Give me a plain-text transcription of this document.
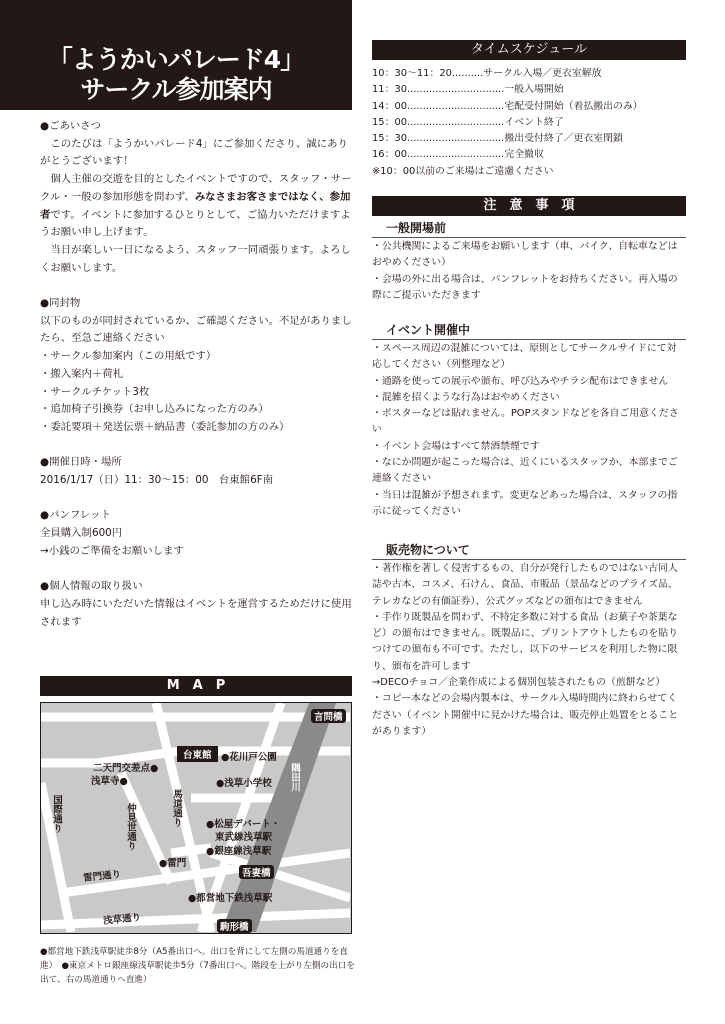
「ようかいパレード4」
サークル参加案内

●ごあいさつ

このたびは「ようかいパレード4」にご参加くださり、誠にありがとうございます！

個人主催の交遊を目的としたイベントですので、スタッフ・サークル・一般の参加形態を問わず、みなさまお客さまではなく、参加者です。イベントに参加するひとりとして、ご協力いただけますようお願い申し上げます。

当日が楽しい一日になるよう、スタッフ一同頑張ります。よろしくお願いします。

●同封物

以下のものが同封されているか、ご確認ください。不足がありましたら、至急ご連絡ください

・サークル参加案内（この用紙です）

・搬入案内＋荷札

・サークルチケット3枚

・追加椅子引換券（お申し込みになった方のみ）

・委託要項＋発送伝票＋納品書（委託参加の方のみ）

●開催日時・場所

2016/1/17（日）11：30〜15：00　台東館6F南

●パンフレット

全員購入制600円

→小銭のご準備をお願いします

●個人情報の取り扱い

申し込み時にいただいた情報はイベントを運営するためだけに使用されます

M　A　P
言問橋
台東館 ●花川戸公園
二天門交差点●
浅草寺●	●浅草小学校 隅田川
国際通り	仲見世通り	馬道通り	●松屋デパート・
東武線浅草駅
●銀座線浅草駅
●雷門
雷門通り	吾妻橋
●都営地下鉄浅草駅
浅草通り
駒形橋
●都営地下鉄浅草駅徒歩8分（A5番出口へ。出口を背にして左側の馬道通りを直進）　●東京メトロ銀座線浅草駅徒歩5分（7番出口へ。階段を上がり左側の出口を出て、右の馬道通りへ直進）
タイムスケジュール
10：30〜11：20..........サークル入場／更衣室解放
11：30...............................一般入場開始
14：00...............................宅配受付開始（着払搬出のみ）
15：00...............................イベント終了
15：30...............................搬出受付終了／更衣室閉鎖
16：00...............................完全撤収
※10：00以前のご来場はご遠慮ください
注　意　事　項
一般開場前
・公共機関によるご来場をお願いします（車、バイク、自転車などはおやめください）
・会場の外に出る場合は、パンフレットをお持ちください。再入場の際にご提示いただきます
イベント開催中
・スペース周辺の混雑については、原則としてサークルサイドにて対応してください（列整理など）
・通路を使っての展示や頒布、呼び込みやチラシ配布はできません
・混雑を招くような行為はおやめください
・ポスターなどは貼れません。POPスタンドなどを各自ご用意ください
・イベント会場はすべて禁酒禁煙です
・なにか問題が起こった場合は、近くにいるスタッフか、本部までご連絡ください
・当日は混雑が予想されます。変更などあった場合は、スタッフの指示に従ってください
販売物について
・著作権を著しく侵害するもの、自分が発行したものではない古同人誌や古本、コスメ、石けん、食品、市販品（景品などのプライズ品、テレカなどの有価証券）、公式グッズなどの頒布はできません
・手作り既製品を問わず、不特定多数に対する食品（お菓子や茶葉など）の頒布はできません。既製品に、プリントアウトしたものを貼りつけての頒布も不可です。ただし、以下のサービスを利用した物に限り、頒布を許可します
→DECOチョコ／企業作成による個別包装されたもの（煎餅など）
・コピー本などの会場内製本は、サークル入場時間内に終わらせてください（イベント開催中に見かけた場合は、販売停止処置をとることがあります）
